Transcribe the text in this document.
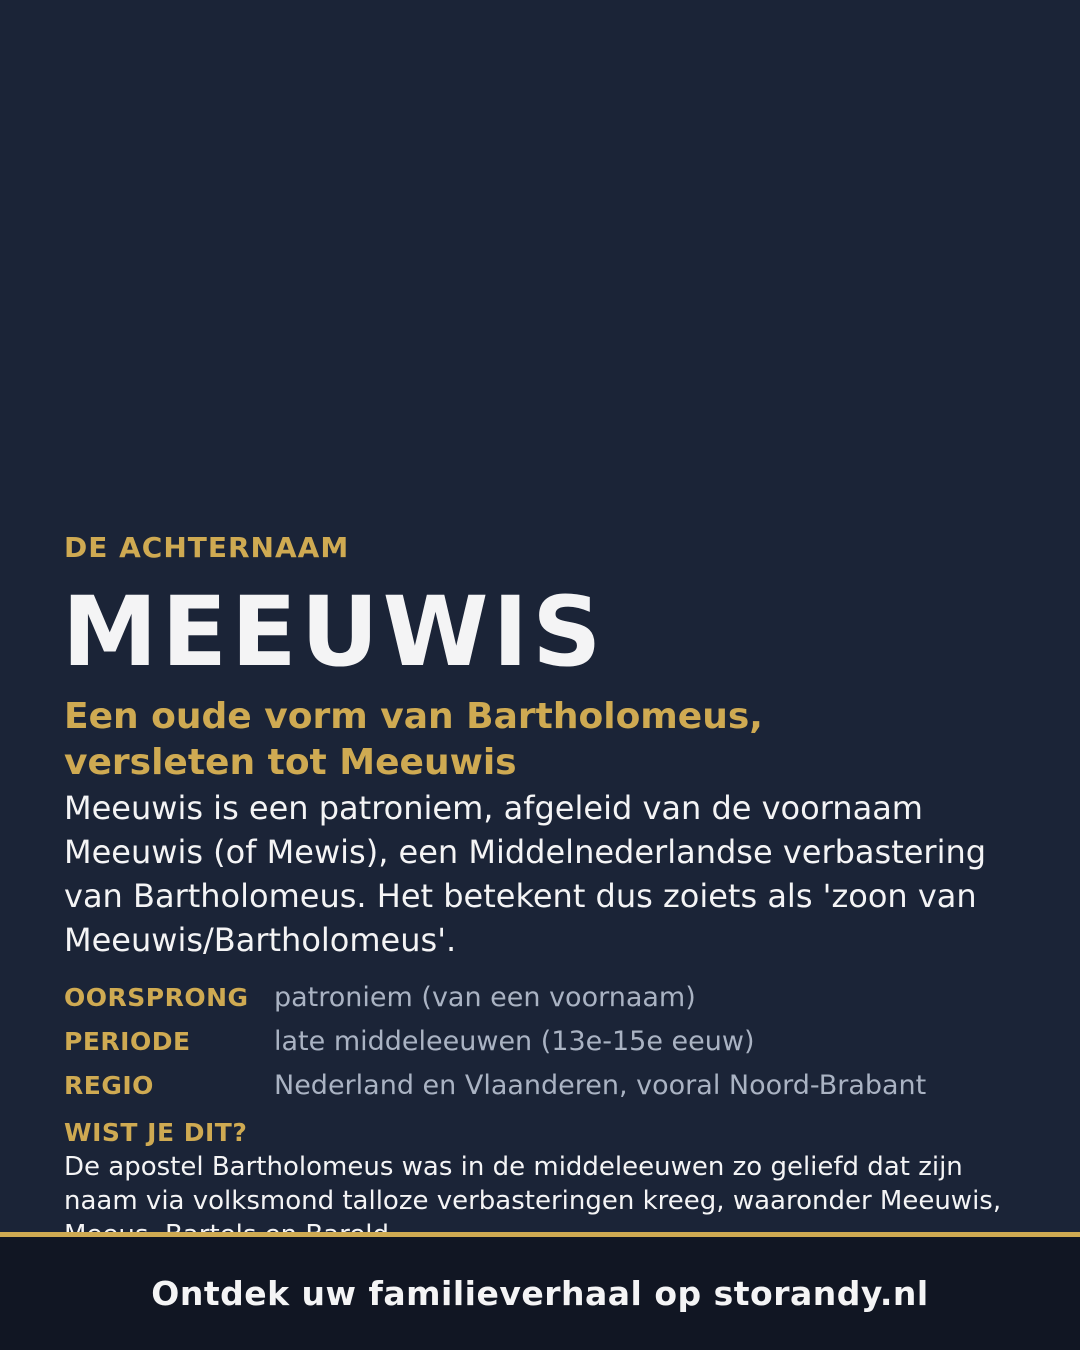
DE ACHTERNAAM

MEEUWIS
Een oude vorm van Bartholomeus, versleten tot Meeuwis

Meeuwis is een patroniem, afgeleid van de voornaam Meeuwis (of Mewis), een Middelnederlandse verbastering van Bartholomeus. Het betekent dus zoiets als 'zoon van Meeuwis/Bartholomeus'.

OORSPRONG patroniem (van een voornaam)
PERIODE	late middeleeuwen (13e-15e eeuw)
REGIO	Nederland en Vlaanderen, vooral Noord-Brabant

WIST JE DIT?

De apostel Bartholomeus was in de middeleeuwen zo geliefd dat zijn naam via volksmond talloze verbasteringen kreeg, waaronder Meeuwis,

Ontdek uw familieverhaal op storandy.nl
